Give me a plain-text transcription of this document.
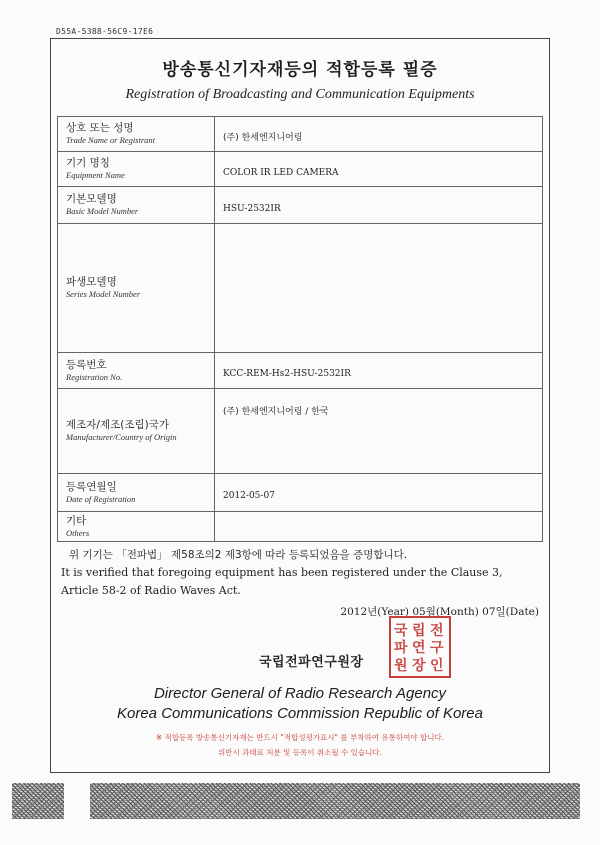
D55A-5388-56C9-17E6
방송통신기자재등의 적합등록 필증
Registration of Broadcasting and Communication Equipments
상호 또는 성명
Trade Name or Registrant	(주) 한세엔지니어링

기기 명칭
Equipment Name	COLOR IR LED CAMERA

기본모델명
Basic Model Number	HSU-2532IR

파생모델명
Series Model Number	

등록번호
Registration No.	KCC-REM-Hs2-HSU-2532IR

제조자/제조(조립)국가
Manufacturer/Country of Origin	(주) 한세엔지니어링 / 한국

등록연월일
Date of Registration	2012-05-07

기타
Others	

위 기기는 「전파법」 제58조의2 제3항에 따라 등록되었음을 증명합니다.
It is verified that foregoing equipment has been registered under the Clause 3,
Article 58-2 of Radio Waves Act.
2012년(Year) 05월(Month) 07일(Date)
국 립 전
구
파 연
원 장 인
국립전파연구원장
Director General of Radio Research Agency
Korea Communications Commission Republic of Korea
※ 적합등록 방송통신기자재는 반드시 "적합성평가표시" 를 부착하여 유통하여야 합니다.
위반시 과태료 처분 및 등록이 취소될 수 있습니다.
